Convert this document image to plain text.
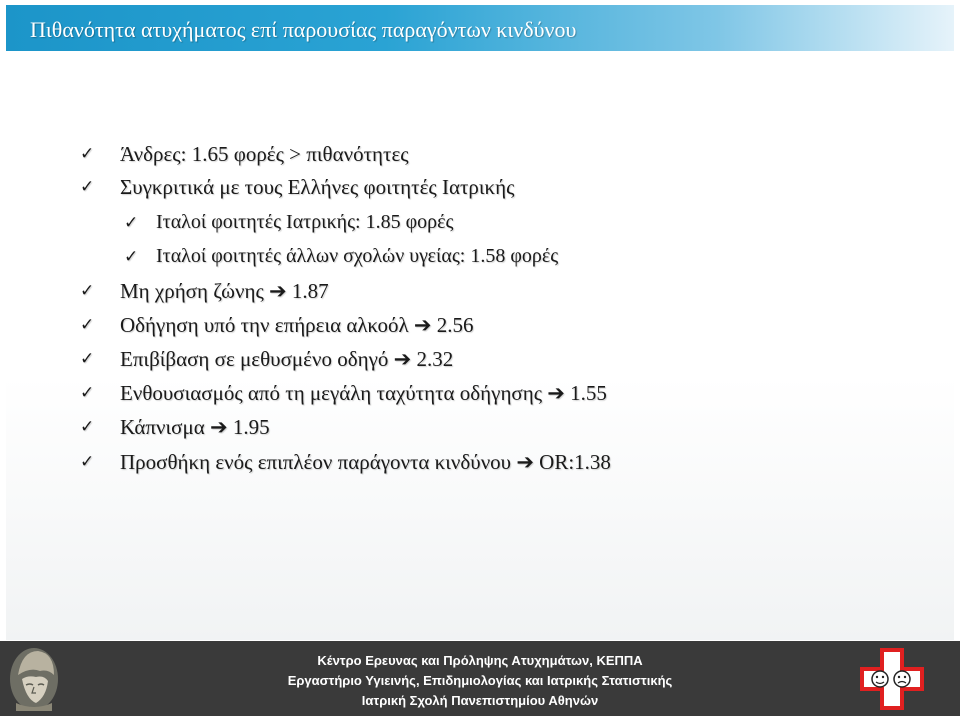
Πιθανότητα ατυχήματος επί παρουσίας παραγόντων κινδύνου
✓ Άνδρες: 1.65 φορές > πιθανότητες
✓ Συγκριτικά με τους Ελλήνες φοιτητές Ιατρικής
✓ Ιταλοί φοιτητές Ιατρικής: 1.85 φορές
✓ Ιταλοί φοιτητές άλλων σχολών υγείας: 1.58 φορές
✓ Μη χρήση ζώνης ➔ 1.87
✓ Οδήγηση υπό την επήρεια αλκοόλ ➔ 2.56
✓ Επιβίβαση σε μεθυσμένο οδηγό ➔ 2.32
✓ Ενθουσιασμός από τη μεγάλη ταχύτητα οδήγησης ➔ 1.55
✓ Κάπνισμα ➔ 1.95
✓ Προσθήκη ενός επιπλέον παράγοντα κινδύνου ➔ OR:1.38
Κέντρο Ερευνας και Πρόληψης Ατυχημάτων, ΚΕΠΠΑ
Εργαστήριο Υγιεινής, Επιδημιολογίας και Ιατρικής Στατιστικής
Ιατρική Σχολή Πανεπιστημίου Αθηνών
